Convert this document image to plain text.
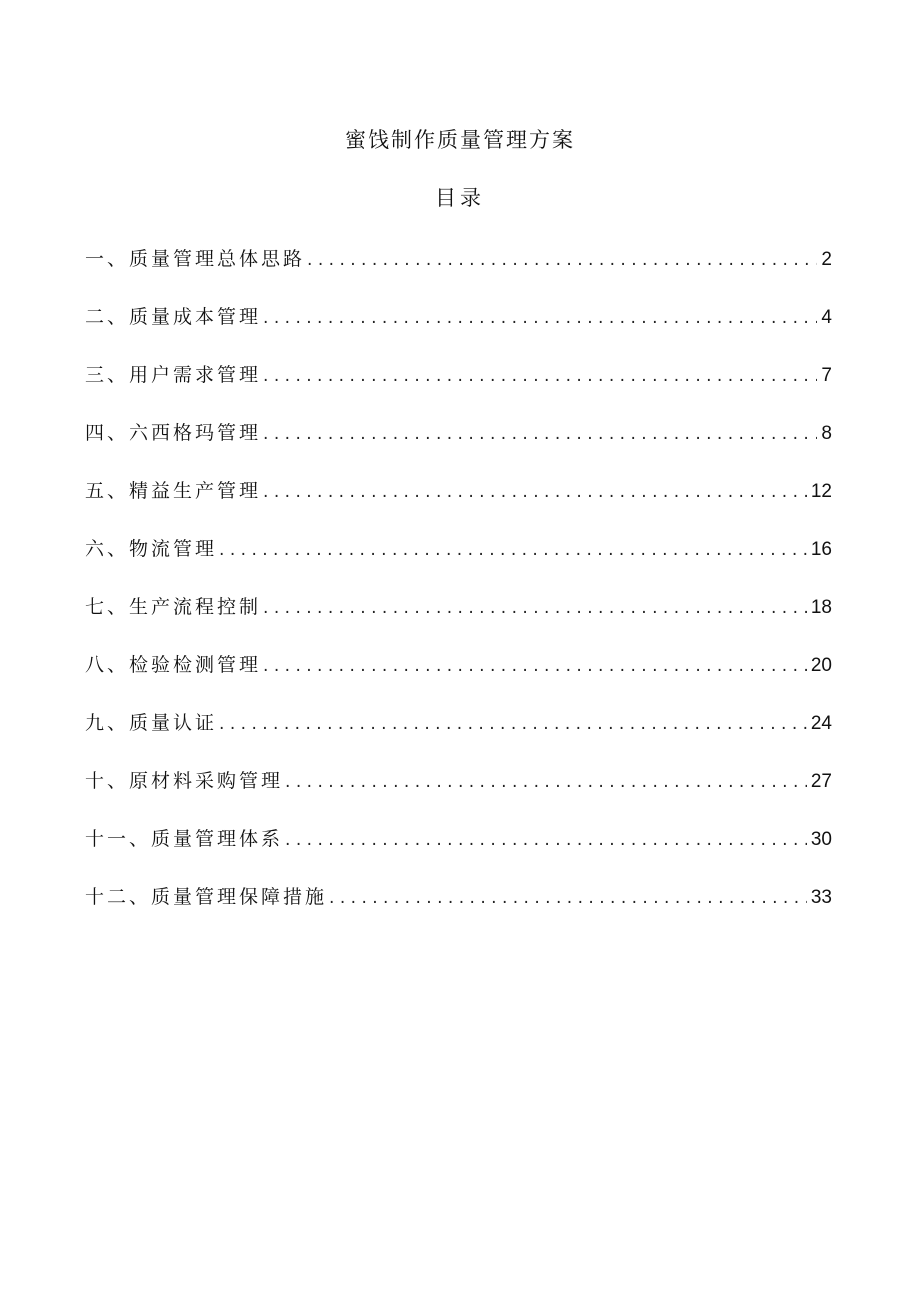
蜜饯制作质量管理方案
目录
一、质量管理总体思路 . . .	2
二、质量成本管理 . . .	4
三、用户需求管理 . . .	7
四、六西格玛管理 . . .	8
五、精益生产管理 . . .	12
六、物流管理 . . .	16
七、生产流程控制 . . .	18
八、检验检测管理 . . .	20
九、质量认证 . . .	24
十、原材料采购管理 . . .	27
十一、质量管理体系 . . .	30
十二、质量管理保障措施 . . .	33
